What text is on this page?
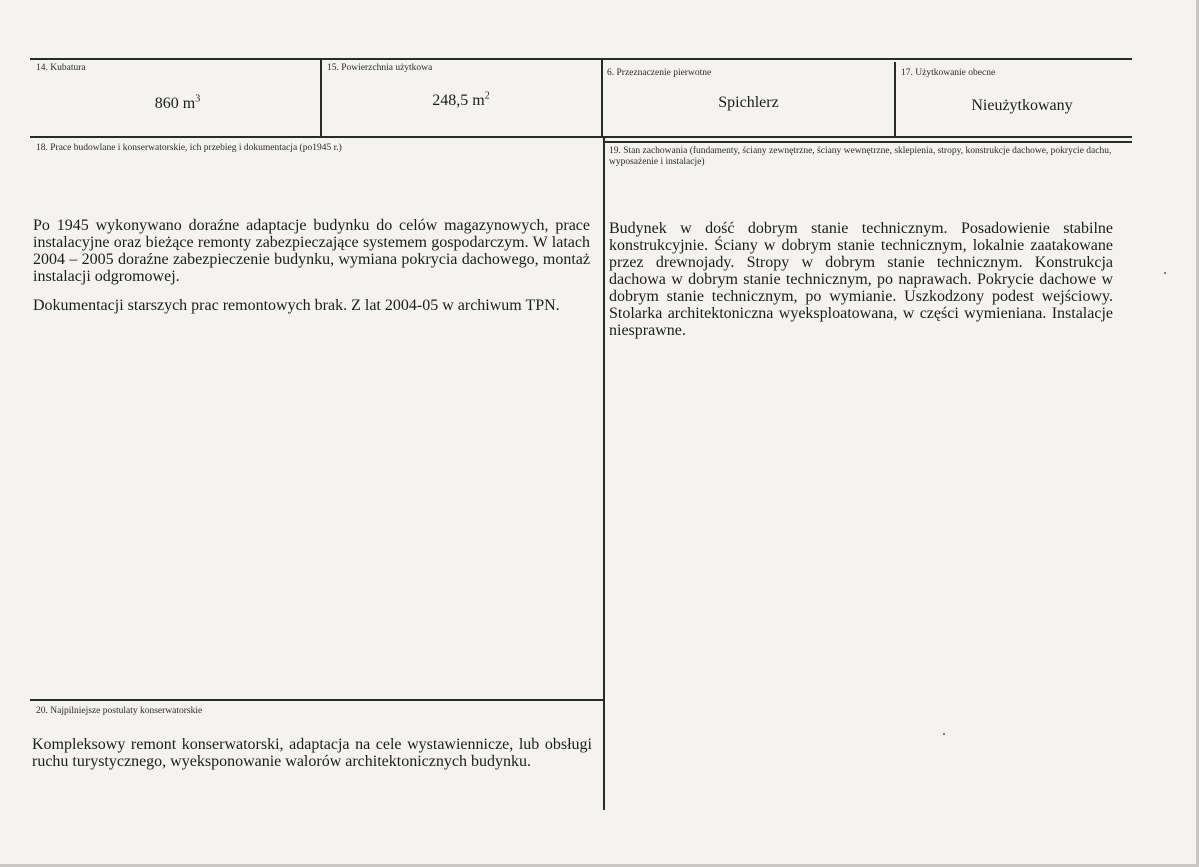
14. Kubatura
860 $m^3$
15. Powierzchnia użytkowa
248,5 $m^2$
6. Przeznaczenie pierwotne
Spichlerz
17. Użytkowanie obecne
Nieużytkowany
18. Prace budowlane i konserwatorskie, ich przebieg i dokumentacja (po1945 r.)
Po 1945 wykonywano doraźne adaptacje budynku do celów magazynowych, prace instalacyjne oraz bieżące remonty zabezpieczające systemem gospodarczym. W latach 2004 – 2005 doraźne zabezpieczenie budynku, wymiana pokrycia dachowego, montaż instalacji odgromowej.
Dokumentacji starszych prac remontowych brak. Z lat 2004-05 w archiwum TPN.
19. Stan zachowania (fundamenty, ściany zewnętrzne, ściany wewnętrzne, sklepienia, stropy, konstrukcje dachowe, pokrycie dachu, wyposażenie i instalacje)
Budynek w dość dobrym stanie technicznym. Posadowienie stabilne konstrukcyjnie. Ściany w dobrym stanie technicznym, lokalnie zaatakowane przez drewnojady. Stropy w dobrym stanie technicznym. Konstrukcja dachowa w dobrym stanie technicznym, po naprawach. Pokrycie dachowe w dobrym stanie technicznym, po wymianie. Uszkodzony podest wejściowy. Stolarka architektoniczna wyeksploatowana, w części wymieniana. Instalacje niesprawne.
20. Najpilniejsze postulaty konserwatorskie
Kompleksowy remont konserwatorski, adaptacja na cele wystawiennicze, lub obsługi ruchu turystycznego, wyeksponowanie walorów architektonicznych budynku.
